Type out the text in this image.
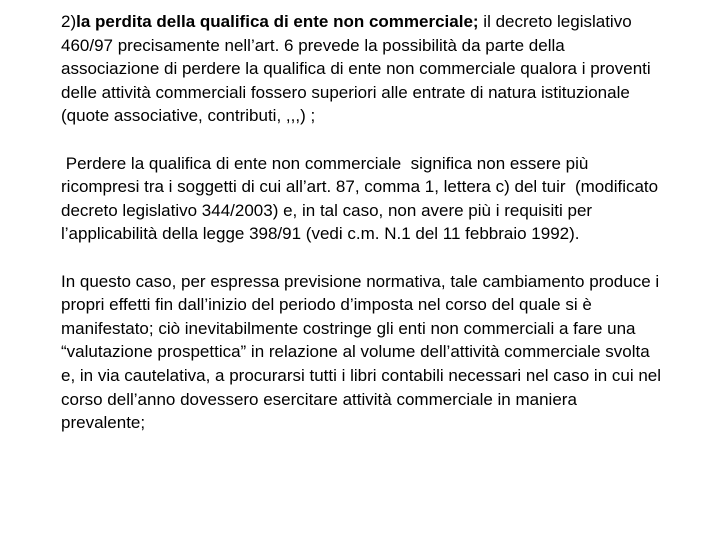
2)la perdita della qualifica di ente non commerciale; il decreto legislativo 460/97 precisamente nell’art. 6 prevede la possibilità da parte della associazione di perdere la qualifica di ente non commerciale qualora i proventi delle attività commerciali fossero superiori alle entrate di natura istituzionale (quote associative, contributi, ,,,) ;

Perdere la qualifica di ente non commerciale  significa non essere più ricompresi tra i soggetti di cui all’art. 87, comma 1, lettera c) del tuir  (modificato decreto legislativo 344/2003) e, in tal caso, non avere più i requisiti per l’applicabilità della legge 398/91 (vedi c.m. N.1 del 11 febbraio 1992).

In questo caso, per espressa previsione normativa, tale cambiamento produce i propri effetti fin dall’inizio del periodo d’imposta nel corso del quale si è manifestato; ciò inevitabilmente costringe gli enti non commerciali a fare una “valutazione prospettica” in relazione al volume dell’attività commerciale svolta e, in via cautelativa, a procurarsi tutti i libri contabili necessari nel caso in cui nel corso dell’anno dovessero esercitare attività commerciale in maniera prevalente;
